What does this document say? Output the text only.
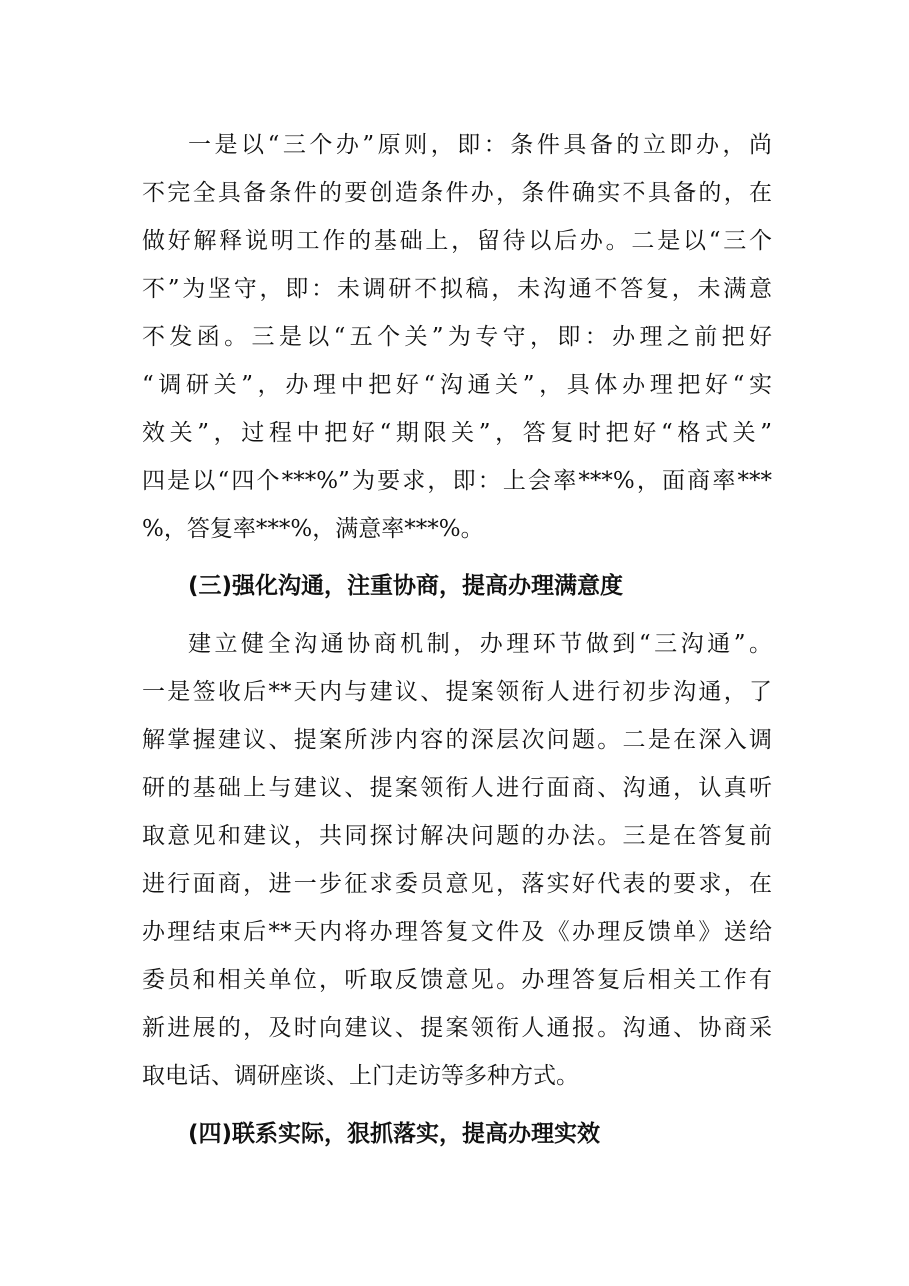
一是以“三个办”原则，即：条件具备的立即办，尚
不完全具备条件的要创造条件办，条件确实不具备的，在
做好解释说明工作的基础上，留待以后办。二是以“三个
不”为坚守，即：未调研不拟稿，未沟通不答复，未满意
不发函。三是以“五个关”为专守，即：办理之前把好
“调研关”，办理中把好“沟通关”，具体办理把好“实
效关”，过程中把好“期限关”，答复时把好“格式关”
四是以“四个***%”为要求，即：上会率***%，面商率***
%，答复率***%，满意率***%。
(三)强化沟通，注重协商，提高办理满意度
建立健全沟通协商机制，办理环节做到“三沟通”。
一是签收后**天内与建议、提案领衔人进行初步沟通，了
解掌握建议、提案所涉内容的深层次问题。二是在深入调
研的基础上与建议、提案领衔人进行面商、沟通，认真听
取意见和建议，共同探讨解决问题的办法。三是在答复前
进行面商，进一步征求委员意见，落实好代表的要求，在
办理结束后**天内将办理答复文件及《办理反馈单》送给
委员和相关单位，听取反馈意见。办理答复后相关工作有
新进展的，及时向建议、提案领衔人通报。沟通、协商采
取电话、调研座谈、上门走访等多种方式。
(四)联系实际，狠抓落实，提高办理实效
